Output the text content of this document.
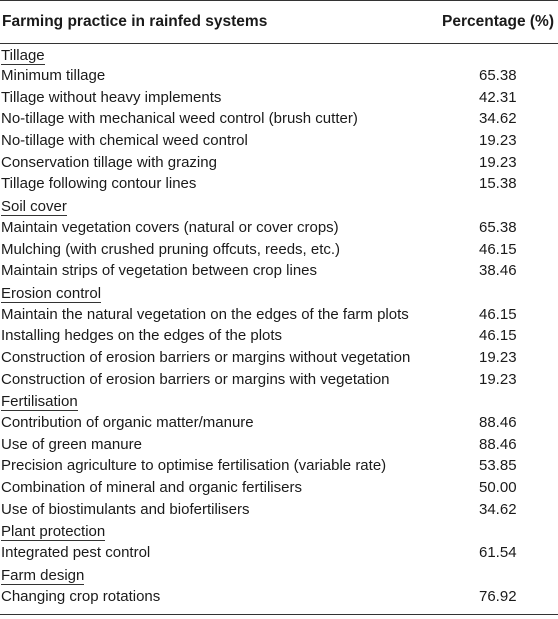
Farming practice in rainfed systems	Percentage (%)
Tillage	
Minimum tillage	65.38
Tillage without heavy implements	42.31
No-tillage with mechanical weed control (brush cutter)	34.62
No-tillage with chemical weed control	19.23
Conservation tillage with grazing	19.23
Tillage following contour lines	15.38
Soil cover	
Maintain vegetation covers (natural or cover crops)	65.38
Mulching (with crushed pruning offcuts, reeds, etc.)	46.15
Maintain strips of vegetation between crop lines	38.46
Erosion control	
Maintain the natural vegetation on the edges of the farm plots	46.15
Installing hedges on the edges of the plots	46.15
Construction of erosion barriers or margins without vegetation	19.23
Construction of erosion barriers or margins with vegetation	19.23
Fertilisation	
Contribution of organic matter/manure	88.46
Use of green manure	88.46
Precision agriculture to optimise fertilisation (variable rate)	53.85
Combination of mineral and organic fertilisers	50.00
Use of biostimulants and biofertilisers	34.62
Plant protection	
Integrated pest control	61.54
Farm design	
Changing crop rotations	76.92
